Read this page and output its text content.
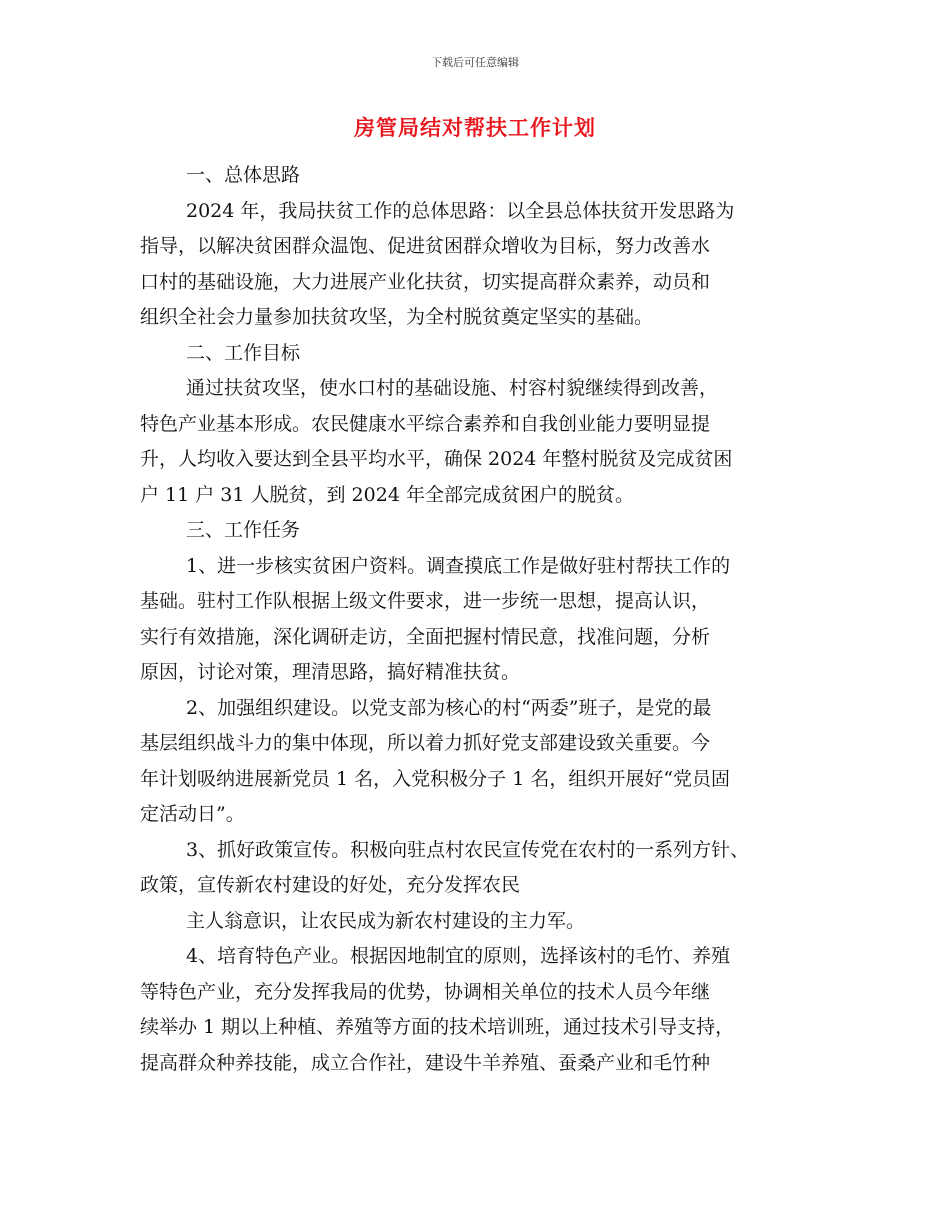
下载后可任意编辑
房管局结对帮扶工作计划
一、总体思路
2024 年，我局扶贫工作的总体思路：以全县总体扶贫开发思路为
指导，以解决贫困群众温饱、促进贫困群众增收为目标，努力改善水
口村的基础设施，大力进展产业化扶贫，切实提高群众素养，动员和
组织全社会力量参加扶贫攻坚，为全村脱贫奠定坚实的基础。
二、工作目标
通过扶贫攻坚，使水口村的基础设施、村容村貌继续得到改善，
特色产业基本形成。农民健康水平综合素养和自我创业能力要明显提
升，人均收入要达到全县平均水平，确保 2024 年整村脱贫及完成贫困
户 11 户 31 人脱贫，到 2024 年全部完成贫困户的脱贫。
三、工作任务
1、进一步核实贫困户资料。调查摸底工作是做好驻村帮扶工作的
基础。驻村工作队根据上级文件要求，进一步统一思想，提高认识，
实行有效措施，深化调研走访，全面把握村情民意，找准问题，分析
原因，讨论对策，理清思路，搞好精准扶贫。
2、加强组织建设。以党支部为核心的村“两委”班子，是党的最
基层组织战斗力的集中体现，所以着力抓好党支部建设致关重要。今
年计划吸纳进展新党员 1 名，入党积极分子 1 名，组织开展好“党员固
定活动日”。
3、抓好政策宣传。积极向驻点村农民宣传党在农村的一系列方针、
政策，宣传新农村建设的好处，充分发挥农民
主人翁意识，让农民成为新农村建设的主力军。
4、培育特色产业。根据因地制宜的原则，选择该村的毛竹、养殖
等特色产业，充分发挥我局的优势，协调相关单位的技术人员今年继
续举办 1 期以上种植、养殖等方面的技术培训班，通过技术引导支持，
提高群众种养技能，成立合作社，建设牛羊养殖、蚕桑产业和毛竹种
